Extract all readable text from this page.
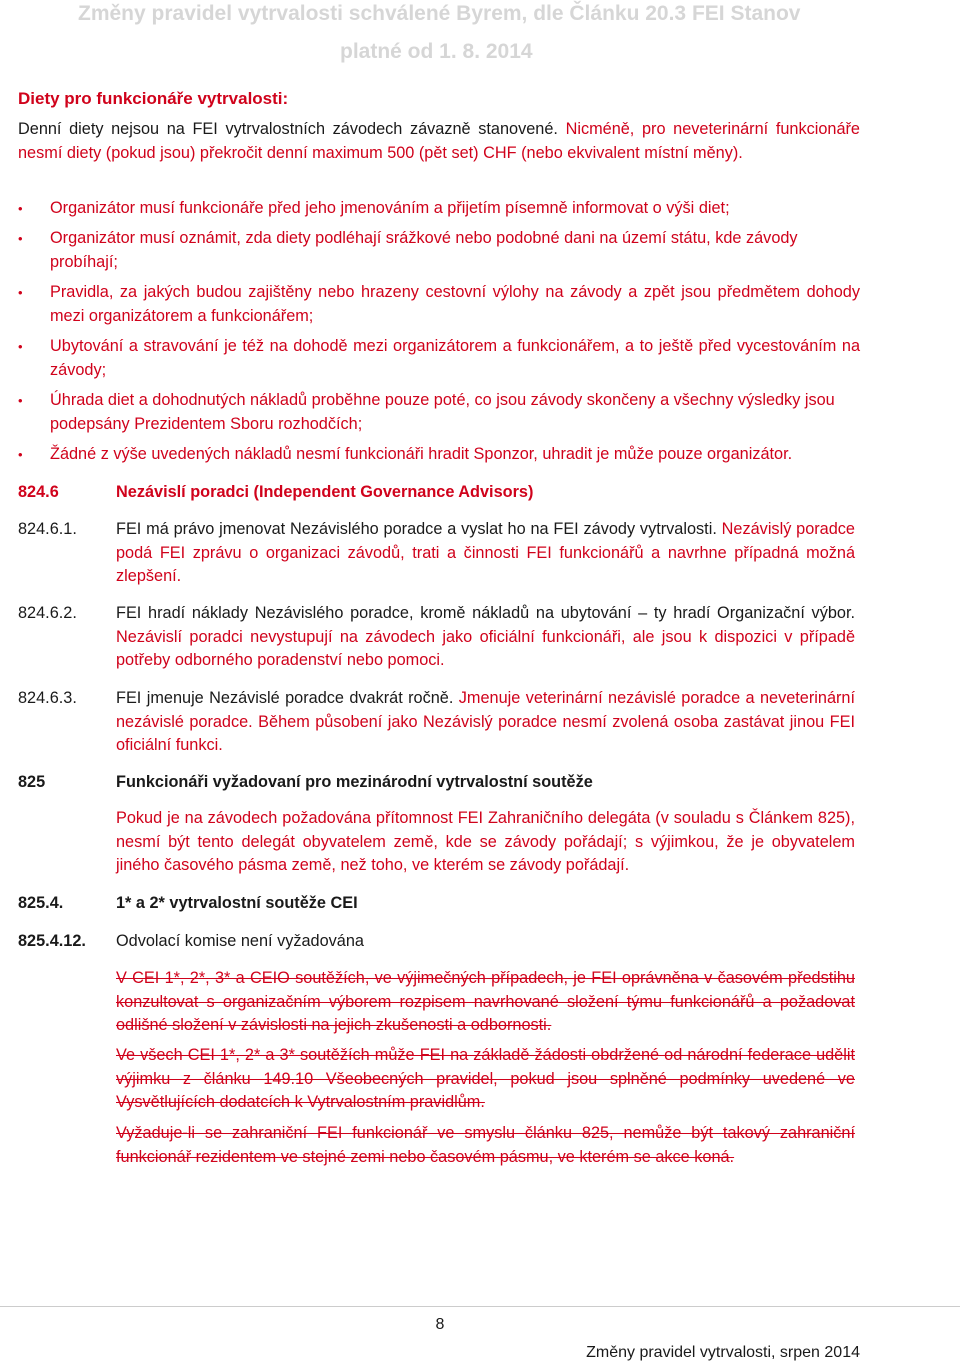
Změny pravidel vytrvalosti schválené Byrem, dle Článku 20.3 FEI Stanov
platné od 1. 8. 2014
Diety pro funkcionáře vytrvalosti:

Denní diety nejsou na FEI vytrvalostních závodech závazně stanovené. Nicméně, pro neveterinární funkcionáře nesmí diety (pokud jsou) překročit denní maximum 500 (pět set) CHF (nebo ekvivalent místní měny).

• Organizátor musí funkcionáře před jeho jmenováním a přijetím písemně informovat o výši diet;

• Organizátor musí oznámit, zda diety podléhají srážkové nebo podobné dani na území státu, kde závody probíhají;

• Pravidla, za jakých budou zajištěny nebo hrazeny cestovní výlohy na závody a zpět jsou předmětem dohody mezi organizátorem a funkcionářem;

• Ubytování a stravování je též na dohodě mezi organizátorem a funkcionářem, a to ještě před vycestováním na závody;

• Úhrada diet a dohodnutých nákladů proběhne pouze poté, co jsou závody skončeny a všechny výsledky jsou podepsány Prezidentem Sboru rozhodčích;

• Žádné z výše uvedených nákladů nesmí funkcionáři hradit Sponzor, uhradit je může pouze organizátor.

824.6	Nezávislí poradci (Independent Governance Advisors)
824.6.1. FEI má právo jmenovat Nezávislého poradce a vyslat ho na FEI závody vytrvalosti. Nezávislý poradce podá FEI zprávu o organizaci závodů, trati a činnosti FEI funkcionářů a navrhne případná možná zlepšení.

824.6.2. FEI hradí náklady Nezávislého poradce, kromě nákladů na ubytování – ty hradí Organizační výbor. Nezávislí poradci nevystupují na závodech jako oficiální funkcionáři, ale jsou k dispozici v případě potřeby odborného poradenství nebo pomoci.

824.6.3. FEI jmenuje Nezávislé poradce dvakrát ročně. Jmenuje veterinární nezávislé poradce a neveterinární nezávislé poradce. Během působení jako Nezávislý poradce nesmí zvolená osoba zastávat jinou FEI oficiální funkci.

825	Funkcionáři vyžadovaní pro mezinárodní vytrvalostní soutěže

Pokud je na závodech požadována přítomnost FEI Zahraničního delegáta (v souladu s Článkem 825), nesmí být tento delegát obyvatelem země, kde se závody pořádají; s výjimkou, že je obyvatelem jiného časového pásma země, než toho, ve kterém se závody pořádají.

825.4.	1* a 2* vytrvalostní soutěže CEI
825.4.12. Odvolací komise není vyžadována

V CEI 1*, 2*, 3* a CEIO soutěžích, ve výjimečných případech, je FEI oprávněna v časovém předstihu konzultovat s organizačním výborem rozpisem navrhované složení týmu funkcionářů a požadovat odlišné složení v závislosti na jejich zkušenosti a odbornosti.

Ve všech CEI 1*, 2* a 3* soutěžích může FEI na základě žádosti obdržené od národní federace udělit výjimku z článku 149.10 Všeobecných pravidel, pokud jsou splněné podmínky uvedené ve Vysvětlujících dodatcích k Vytrvalostním pravidlům.

Vyžaduje-li se zahraniční FEI funkcionář ve smyslu článku 825, nemůže být takový zahraniční funkcionář rezidentem ve stejné zemi nebo časovém pásmu, ve kterém se akce koná.

8
Změny pravidel vytrvalosti, srpen 2014
